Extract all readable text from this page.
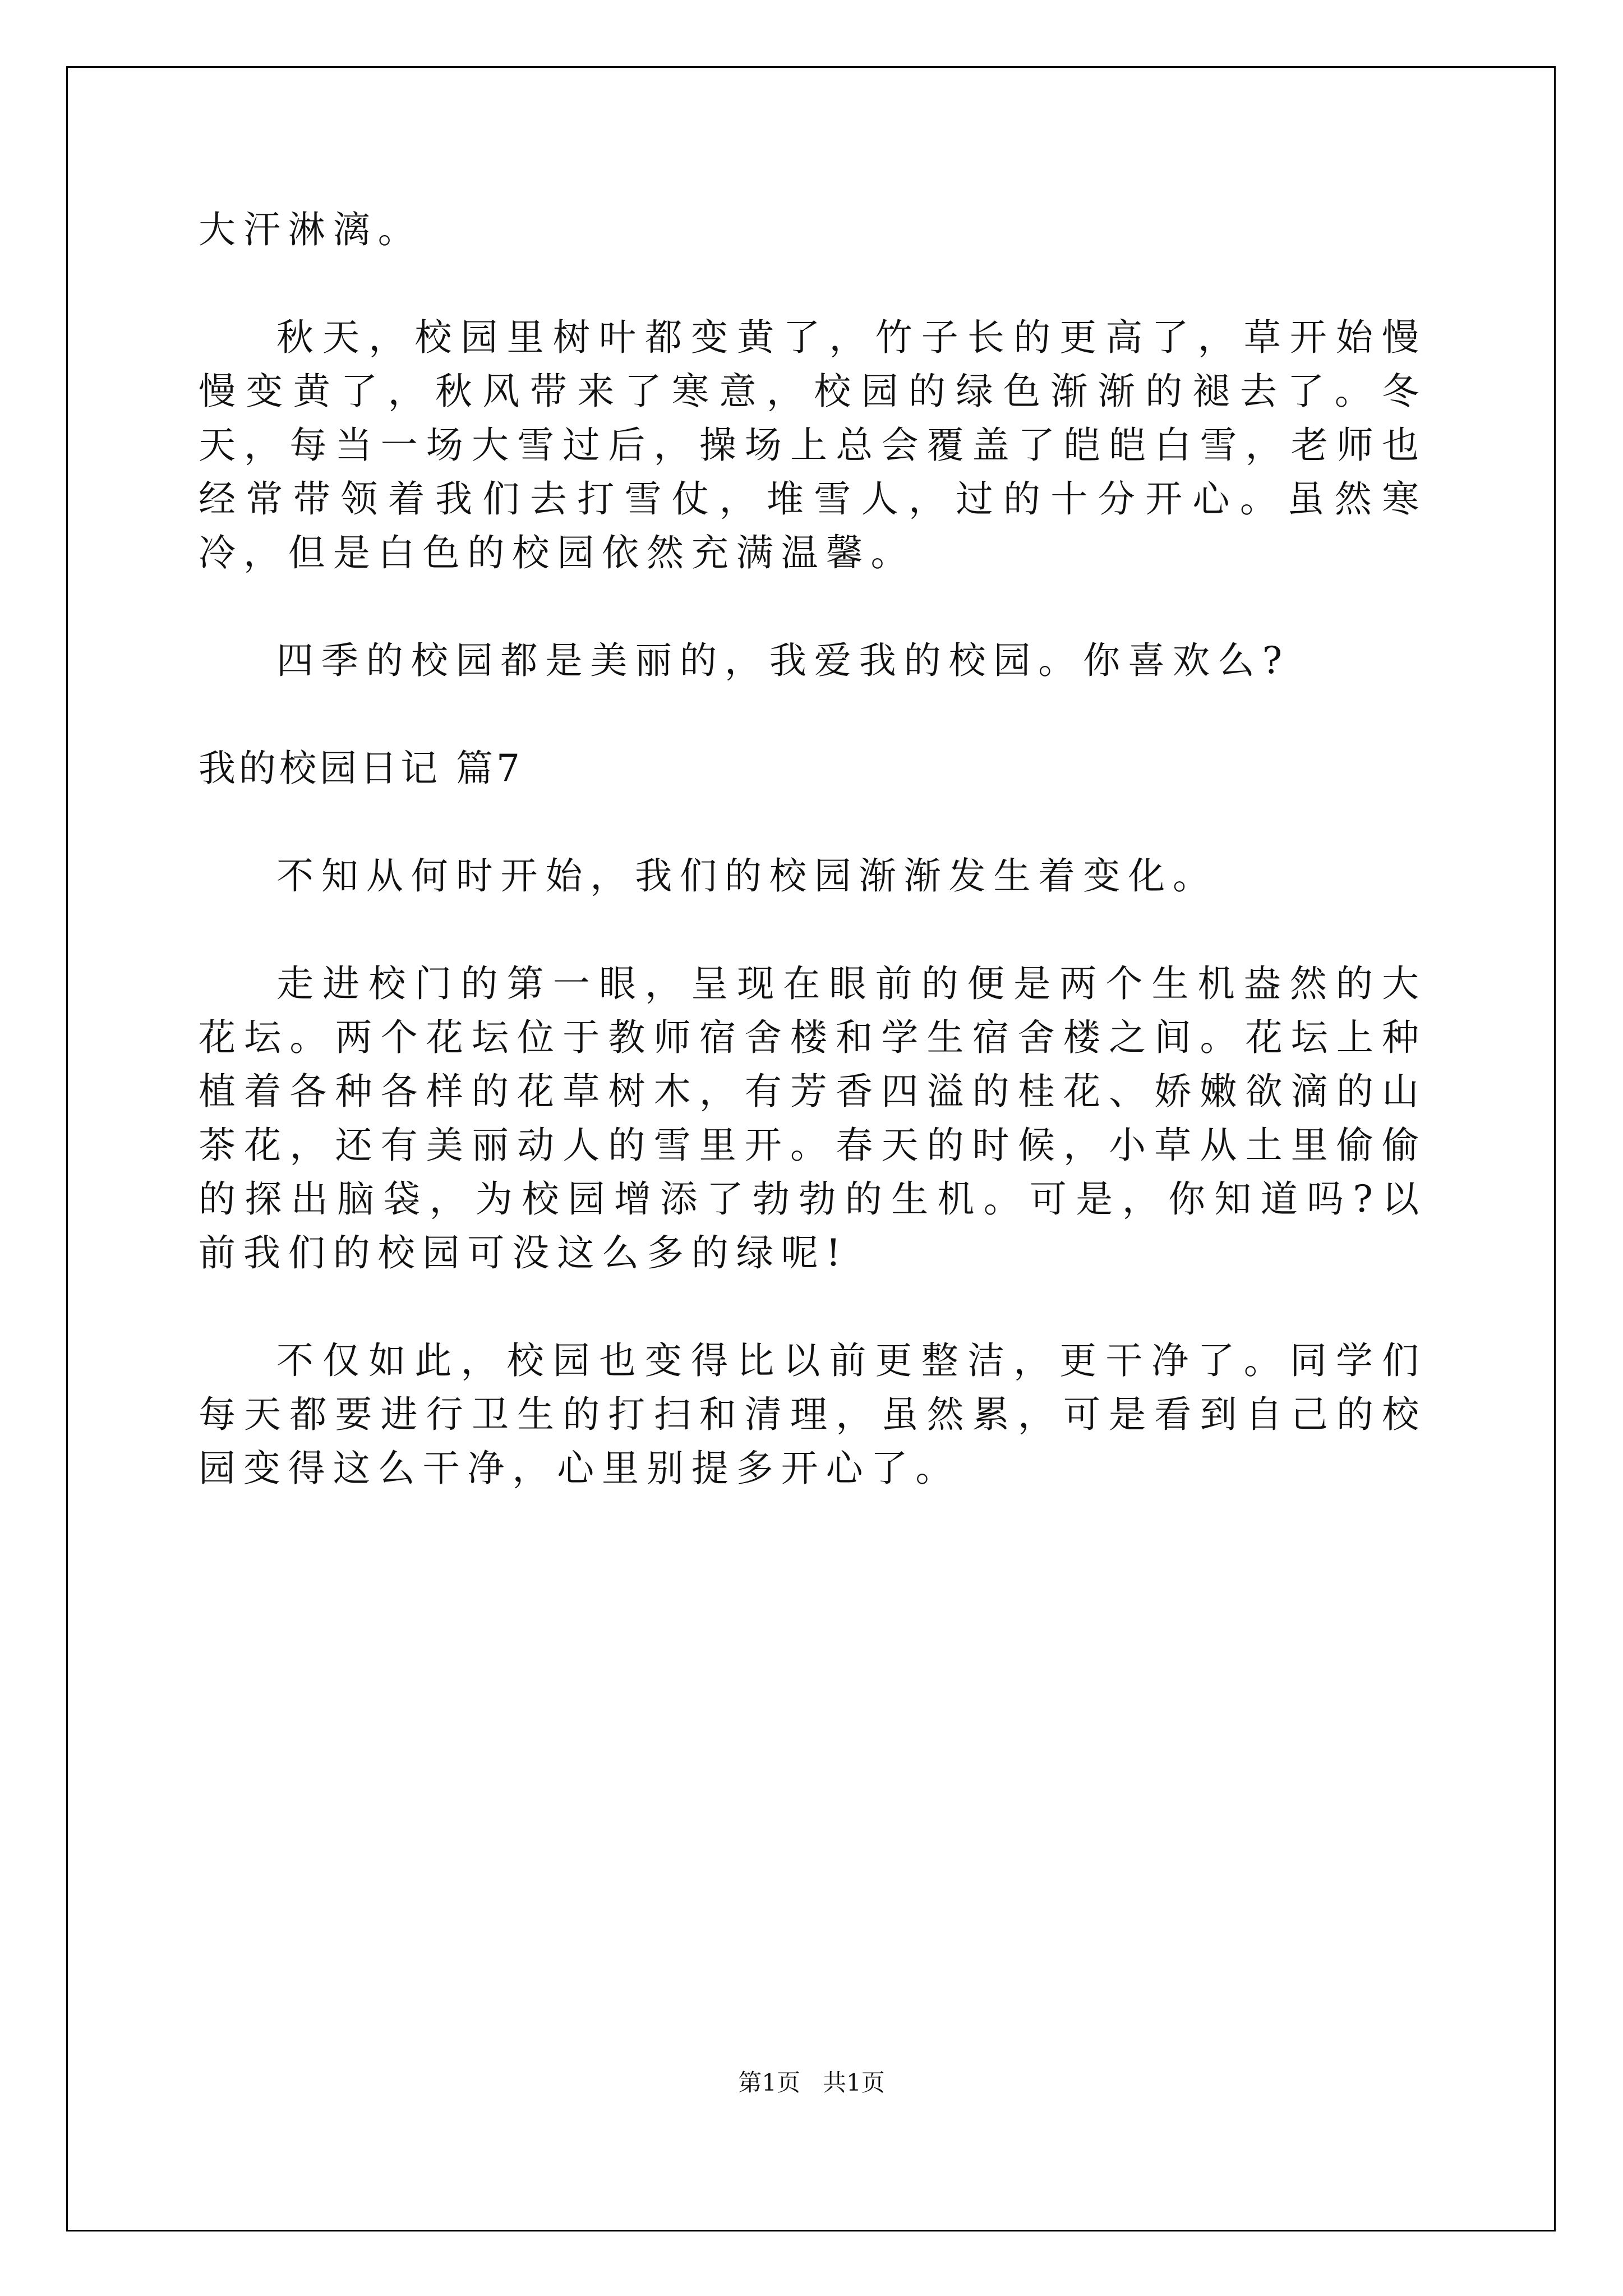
大汗淋漓。

秋天，校园里树叶都变黄了，竹子长的更高了，草开始慢慢变黄了，秋风带来了寒意，校园的绿色渐渐的褪去了。冬天，每当一场大雪过后，操场上总会覆盖了皑皑白雪，老师也经常带领着我们去打雪仗，堆雪人，过的十分开心。虽然寒冷，但是白色的校园依然充满温馨。

四季的校园都是美丽的，我爱我的校园。你喜欢么?

我的校园日记 篇7

不知从何时开始，我们的校园渐渐发生着变化。

走进校门的第一眼，呈现在眼前的便是两个生机盎然的大花坛。两个花坛位于教师宿舍楼和学生宿舍楼之间。花坛上种植着各种各样的花草树木，有芳香四溢的桂花、娇嫩欲滴的山茶花，还有美丽动人的雪里开。春天的时候，小草从土里偷偷的探出脑袋，为校园增添了勃勃的生机。可是，你知道吗?以前我们的校园可没这么多的绿呢!

不仅如此，校园也变得比以前更整洁，更干净了。同学们每天都要进行卫生的打扫和清理，虽然累，可是看到自己的校园变得这么干净，心里别提多开心了。

第1页 共1页
